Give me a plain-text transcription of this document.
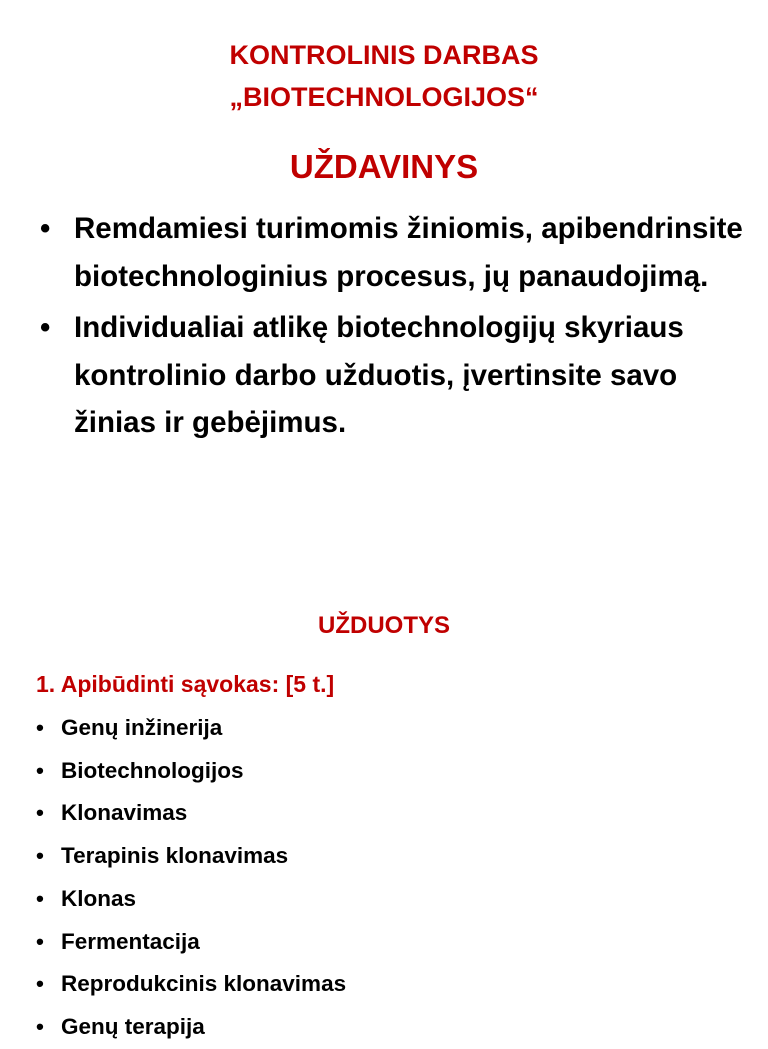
KONTROLINIS DARBAS
„BIOTECHNOLOGIJOS“
UŽDAVINYS
• Remdamiesi turimomis žiniomis, apibendrinsite biotechnologinius procesus, jų panaudojimą.
• Individualiai atlikę biotechnologijų skyriaus kontrolinio darbo užduotis, įvertinsite savo žinias ir gebėjimus.
UŽDUOTYS
1. Apibūdinti sąvokas: [5 t.]
• Genų inžinerija
• Biotechnologijos
• Klonavimas
• Terapinis klonavimas
• Klonas
• Fermentacija
• Reprodukcinis klonavimas
• Genų terapija
